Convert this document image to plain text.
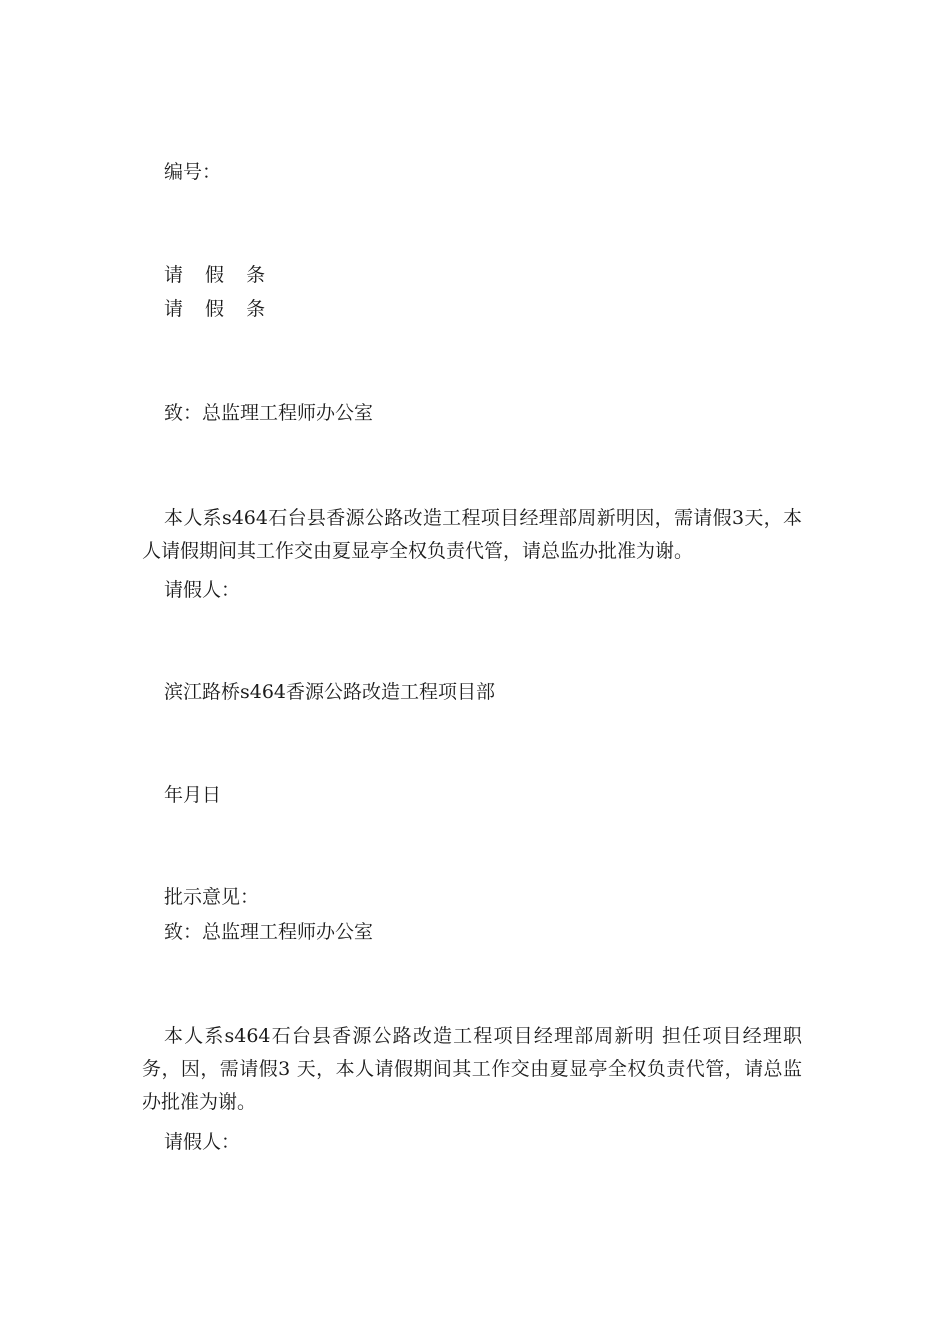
编号：
请 假 条
请 假 条
致：总监理工程师办公室
本人系s464石台县香源公路改造工程项目经理部周新明因，需请假3天，本人请假期间其工作交由夏显亭全权负责代管，请总监办批准为谢。
请假人：
滨江路桥s464香源公路改造工程项目部
年月日
批示意见：
致：总监理工程师办公室
本人系s464石台县香源公路改造工程项目经理部周新明 担任项目经理职务，因，需请假3 天，本人请假期间其工作交由夏显亭全权负责代管，请总监办批准为谢。
请假人：
